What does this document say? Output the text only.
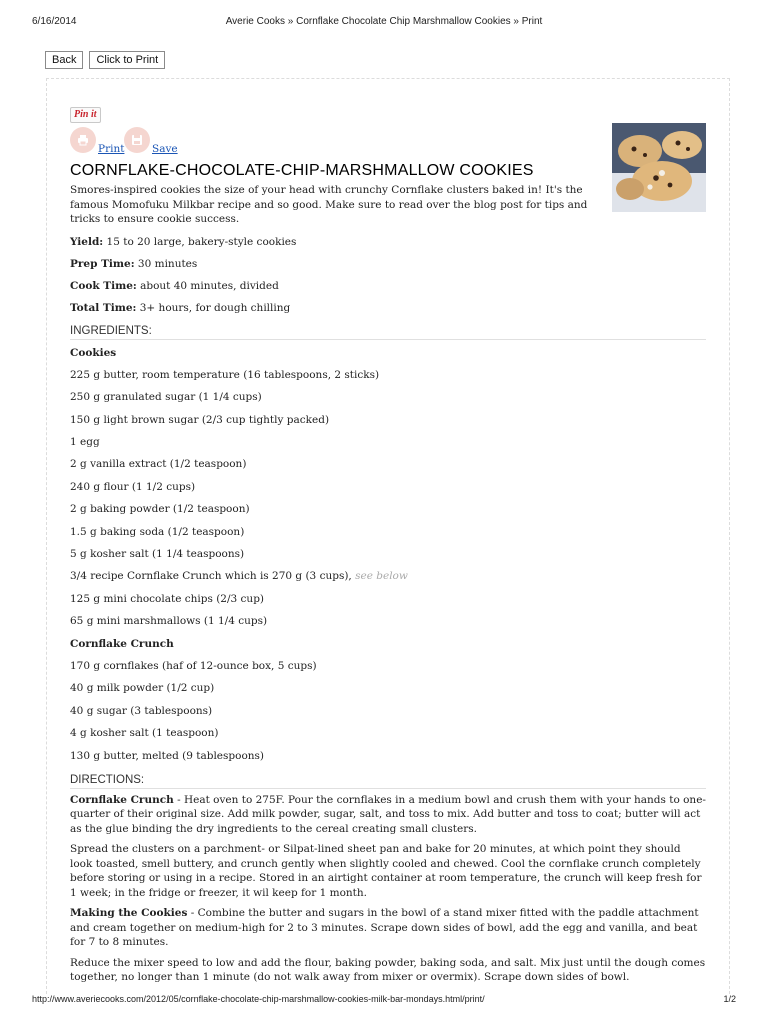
6/16/2014	Averie Cooks » Cornflake Chocolate Chip Marshmallow Cookies » Print
Back	Click to Print
Pin it
Print	Save
CORNFLAKE-CHOCOLATE-CHIP-MARSHMALLOW COOKIES

Smores-inspired cookies the size of your head with crunchy Cornflake clusters baked in! It's the famous Momofuku Milkbar recipe and so good. Make sure to read over the blog post for tips and tricks to ensure cookie success.

Yield: 15 to 20 large, bakery-style cookies
Prep Time: 30 minutes
Cook Time: about 40 minutes, divided
Total Time: 3+ hours, for dough chilling
INGREDIENTS:
Cookies
225 g butter, room temperature (16 tablespoons, 2 sticks)
250 g granulated sugar (1 1/4 cups)
150 g light brown sugar (2/3 cup tightly packed)
1 egg
2 g vanilla extract (1/2 teaspoon)
240 g flour (1 1/2 cups)
2 g baking powder (1/2 teaspoon)
1.5 g baking soda (1/2 teaspoon)
5 g kosher salt (1 1/4 teaspoons)
3/4 recipe Cornflake Crunch which is 270 g (3 cups), see below
125 g mini chocolate chips (2/3 cup)
65 g mini marshmallows (1 1/4 cups)
Cornflake Crunch
170 g cornflakes (haf of 12-ounce box, 5 cups)
40 g milk powder (1/2 cup)
40 g sugar (3 tablespoons)
4 g kosher salt (1 teaspoon)
130 g butter, melted (9 tablespoons)
DIRECTIONS:

Cornflake Crunch - Heat oven to 275F. Pour the cornflakes in a medium bowl and crush them with your hands to one-quarter of their original size. Add milk powder, sugar, salt, and toss to mix. Add butter and toss to coat; butter will act as the glue binding the dry ingredients to the cereal creating small clusters.

Spread the clusters on a parchment- or Silpat-lined sheet pan and bake for 20 minutes, at which point they should look toasted, smell buttery, and crunch gently when slightly cooled and chewed. Cool the cornflake crunch completely before storing or using in a recipe. Stored in an airtight container at room temperature, the crunch will keep fresh for 1 week; in the fridge or freezer, it wil keep for 1 month.

Making the Cookies - Combine the butter and sugars in the bowl of a stand mixer fitted with the paddle attachment and cream together on medium-high for 2 to 3 minutes. Scrape down sides of bowl, add the egg and vanilla, and beat for 7 to 8 minutes.

Reduce the mixer speed to low and add the flour, baking powder, baking soda, and salt. Mix just until the dough comes together, no longer than 1 minute (do not walk away from mixer or overmix). Scrape down sides of bowl.

http://www.averiecooks.com/2012/05/cornflake-chocolate-chip-marshmallow-cookies-milk-bar-mondays.html/print/	1/2
